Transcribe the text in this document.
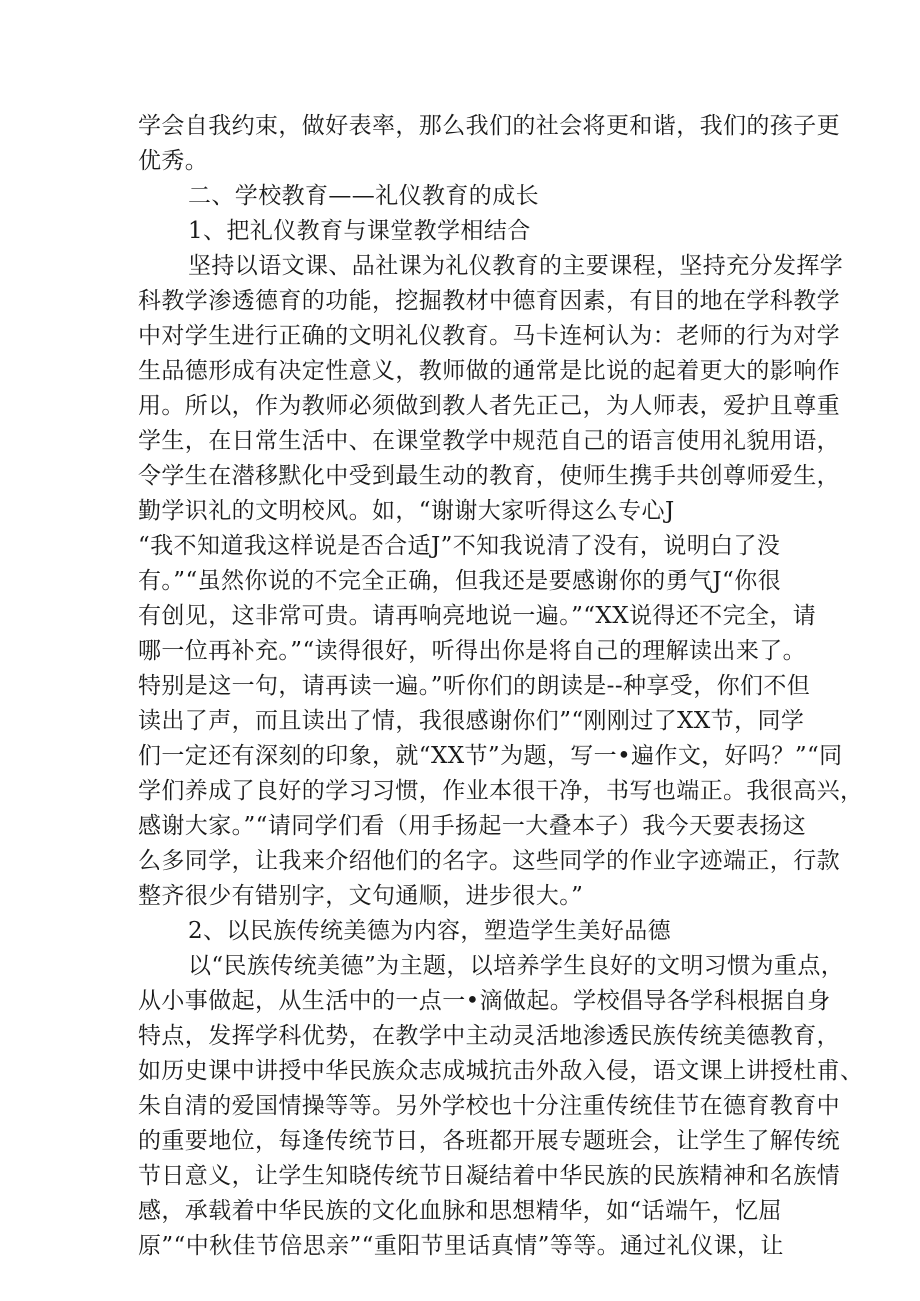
学会自我约束，做好表率，那么我们的社会将更和谐，我们的孩子更
优秀。
二、学校教育——礼仪教育的成长
1、把礼仪教育与课堂教学相结合
坚持以语文课、品社课为礼仪教育的主要课程，坚持充分发挥学
科教学渗透德育的功能，挖掘教材中德育因素，有目的地在学科教学
中对学生进行正确的文明礼仪教育。马卡连柯认为：老师的行为对学
生品德形成有决定性意义，教师做的通常是比说的起着更大的影响作
用。所以，作为教师必须做到教人者先正己，为人师表，爱护且尊重
学生，在日常生活中、在课堂教学中规范自己的语言使用礼貌用语，
令学生在潜移默化中受到最生动的教育，使师生携手共创尊师爱生，
勤学识礼的文明校风。如，“谢谢大家听得这么专心J
“我不知道我这样说是否合适J”不知我说清了没有，说明白了没
有。”“虽然你说的不完全正确，但我还是要感谢你的勇气J“你很
有创见，这非常可贵。请再响亮地说一遍。”“XX说得还不完全，请
哪一位再补充。”“读得很好，听得出你是将自己的理解读出来了。
特别是这一句，请再读一遍。”听你们的朗读是--种享受，你们不但
读出了声，而且读出了情，我很感谢你们”“刚刚过了XX节，同学
们一定还有深刻的印象，就“XX节”为题，写一•遍作文，好吗？”“同
学们养成了良好的学习习惯，作业本很干净，书写也端正。我很高兴，
感谢大家。”“请同学们看（用手扬起一大叠本子）我今天要表扬这
么多同学，让我来介绍他们的名字。这些同学的作业字迹端正，行款
整齐很少有错别字，文句通顺，进步很大。”
2、以民族传统美德为内容，塑造学生美好品德
以“民族传统美德”为主题，以培养学生良好的文明习惯为重点，
从小事做起，从生活中的一点一•滴做起。学校倡导各学科根据自身
特点，发挥学科优势，在教学中主动灵活地渗透民族传统美德教育，
如历史课中讲授中华民族众志成城抗击外敌入侵，语文课上讲授杜甫、
朱自清的爱国情操等等。另外学校也十分注重传统佳节在德育教育中
的重要地位，每逢传统节日，各班都开展专题班会，让学生了解传统
节日意义，让学生知晓传统节日凝结着中华民族的民族精神和名族情
感，承载着中华民族的文化血脉和思想精华，如“话端午，忆屈
原”“中秋佳节倍思亲”“重阳节里话真情”等等。通过礼仪课，让
